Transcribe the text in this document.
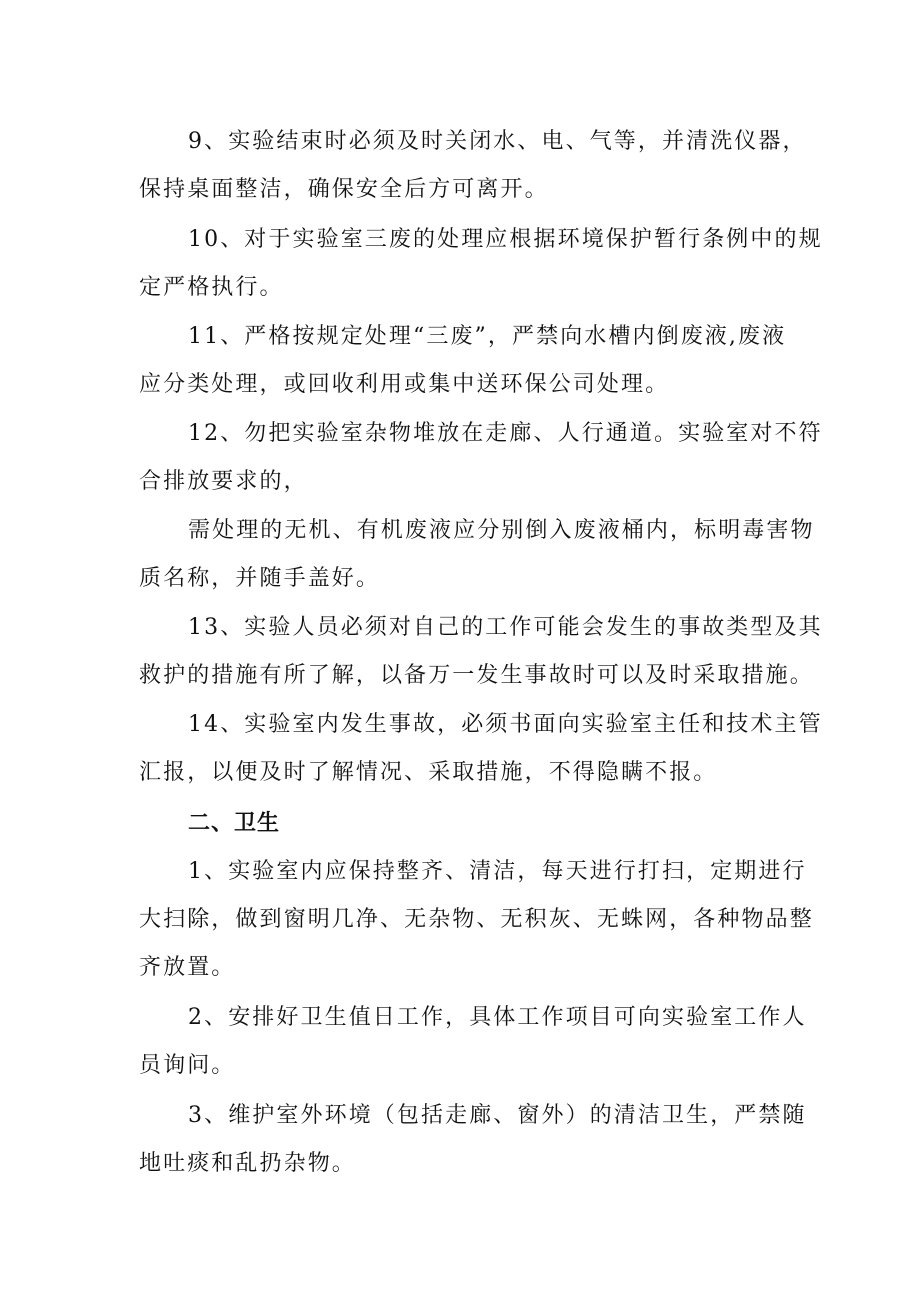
9、实验结束时必须及时关闭水、电、气等，并清洗仪器，
保持桌面整洁，确保安全后方可离开。
10、对于实验室三废的处理应根据环境保护暂行条例中的规
定严格执行。
11、严格按规定处理“三废”，严禁向水槽内倒废液,废液
应分类处理，或回收利用或集中送环保公司处理。
12、勿把实验室杂物堆放在走廊、人行通道。实验室对不符
合排放要求的，
需处理的无机、有机废液应分别倒入废液桶内，标明毒害物
质名称，并随手盖好。
13、实验人员必须对自己的工作可能会发生的事故类型及其
救护的措施有所了解，以备万一发生事故时可以及时采取措施。
14、实验室内发生事故，必须书面向实验室主任和技术主管
汇报，以便及时了解情况、采取措施，不得隐瞒不报。
二、卫生
1、实验室内应保持整齐、清洁，每天进行打扫，定期进行
大扫除，做到窗明几净、无杂物、无积灰、无蛛网，各种物品整
齐放置。
2、安排好卫生值日工作，具体工作项目可向实验室工作人
员询问。
3、维护室外环境（包括走廊、窗外）的清洁卫生，严禁随
地吐痰和乱扔杂物。
